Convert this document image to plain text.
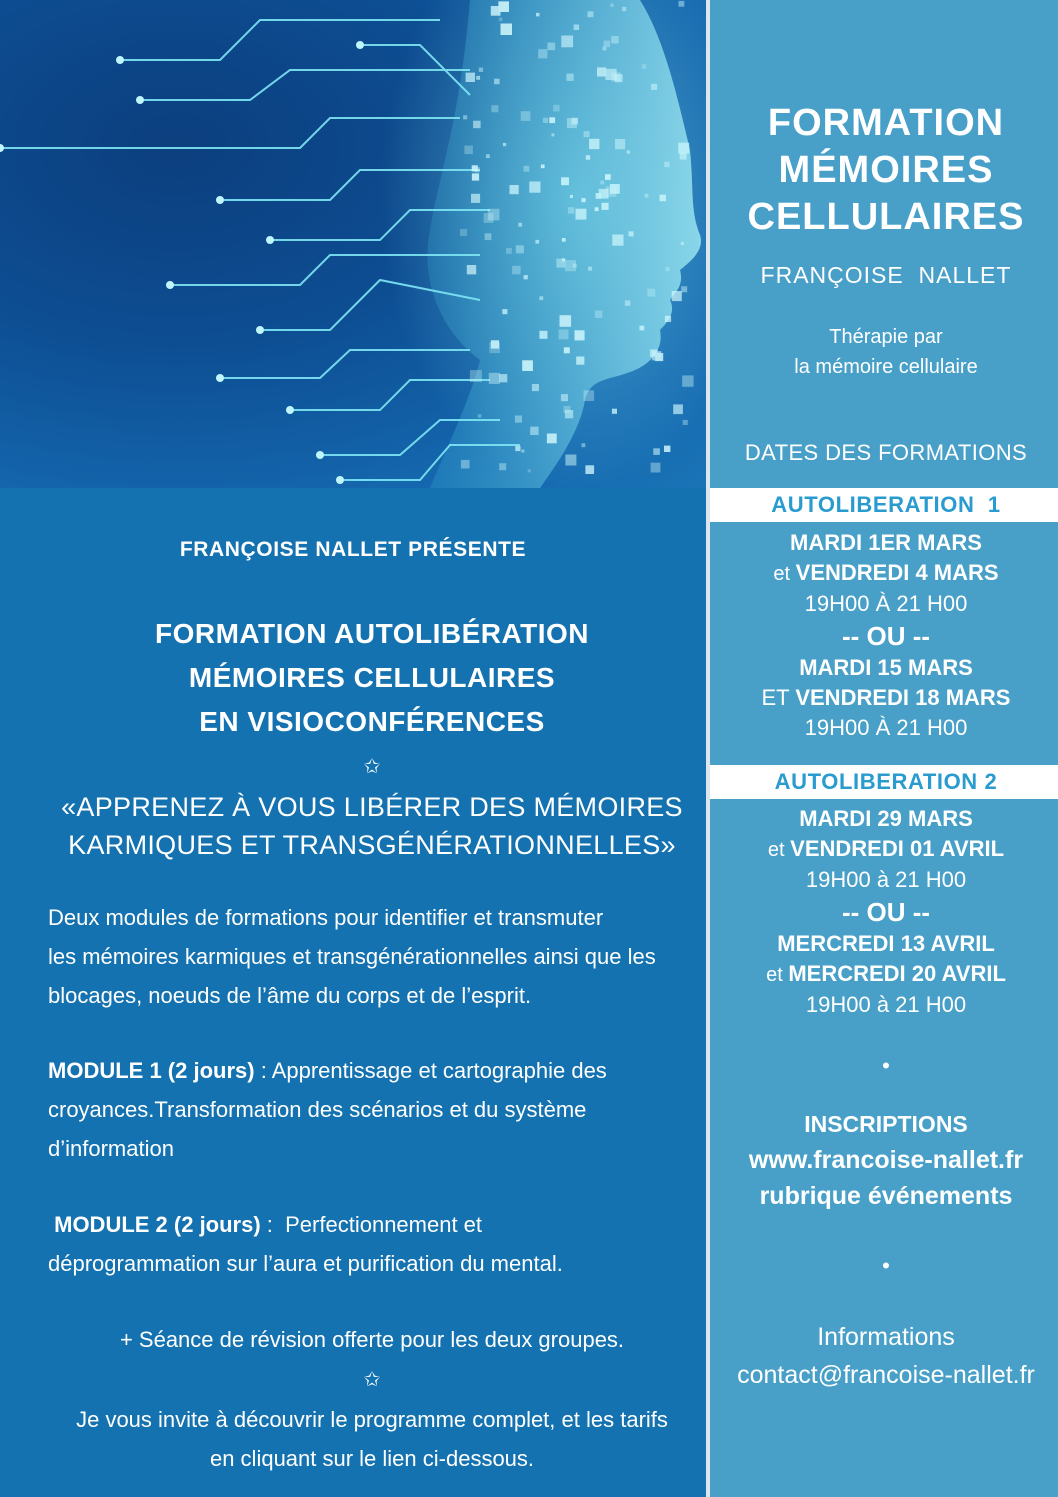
FRANÇOISE NALLET PRÉSENTE
FORMATION AUTOLIBÉRATION
MÉMOIRES CELLULAIRES
EN VISIOCONFÉRENCES
✩
«APPRENEZ À VOUS LIBÉRER DES MÉMOIRES
KARMIQUES ET TRANSGÉNÉRATIONNELLES»
Deux modules de formations pour identifier et transmuter
les mémoires karmiques et transgénérationnelles ainsi que les
blocages, noeuds de l’âme du corps et de l’esprit.
MODULE 1 (2 jours) : Apprentissage et cartographie des
croyances.Transformation des scénarios et du système
d’information
MODULE 2 (2 jours) :  Perfectionnement et
déprogrammation sur l’aura et purification du mental.
+ Séance de révision offerte pour les deux groupes.
✩
Je vous invite à découvrir le programme complet, et les tarifs
en cliquant sur le lien ci-dessous.
FORMATION
MÉMOIRES
CELLULAIRES
FRANÇOISE  NALLET
Thérapie par
la mémoire cellulaire
DATES DES FORMATIONS
AUTOLIBERATION  1
MARDI 1ER MARS
et VENDREDI 4 MARS
19H00 À 21 H00
-- OU --
MARDI 15 MARS
ET VENDREDI 18 MARS
19H00 À 21 H00
AUTOLIBERATION 2
MARDI 29 MARS
et VENDREDI 01 AVRIL
19H00 à 21 H00
-- OU --
MERCREDI 13 AVRIL
et MERCREDI 20 AVRIL
19H00 à 21 H00
•
INSCRIPTIONS
www.francoise-nallet.fr
rubrique événements
•
Informations
contact@francoise-nallet.fr
